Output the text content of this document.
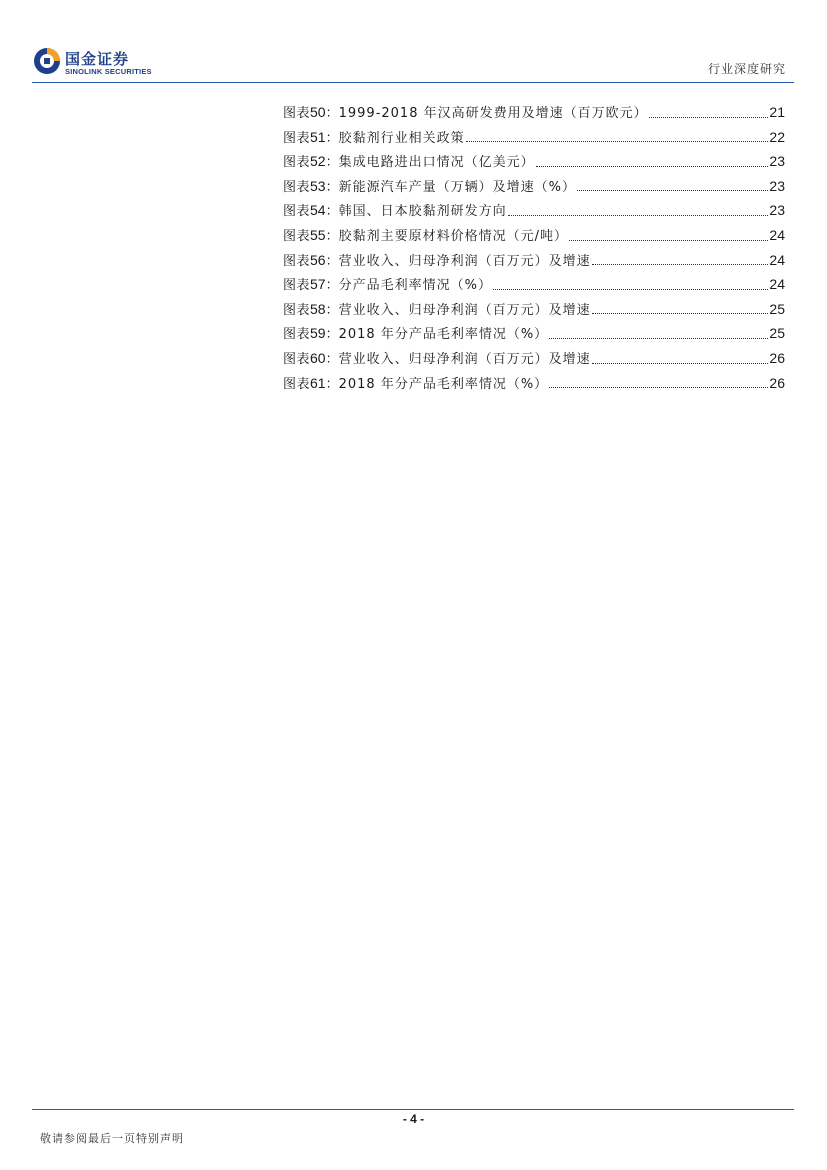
国金证券
SINOLINK SECURITIES	行业深度研究
图表 50 ： 1999-2018 年汉高研发费用及增速（百万欧元）	21
图表 51 ： 胶黏剂行业相关政策	22
图表 52 ： 集成电路进出口情况（亿美元）	23
图表 53 ： 新能源汽车产量（万辆）及增速（%）	23
图表 54 ： 韩国、日本胶黏剂研发方向	23
图表 55 ： 胶黏剂主要原材料价格情况（元/吨）	24
图表 56 ： 营业收入、归母净利润（百万元）及增速	24
图表 57 ： 分产品毛利率情况（%）	24
图表 58 ： 营业收入、归母净利润（百万元）及增速	25
图表 59 ： 2018 年分产品毛利率情况（%）	25
图表 60 ： 营业收入、归母净利润（百万元）及增速	26
图表 61 ： 2018 年分产品毛利率情况（%）	26
- 4 -
敬请参阅最后一页特别声明
